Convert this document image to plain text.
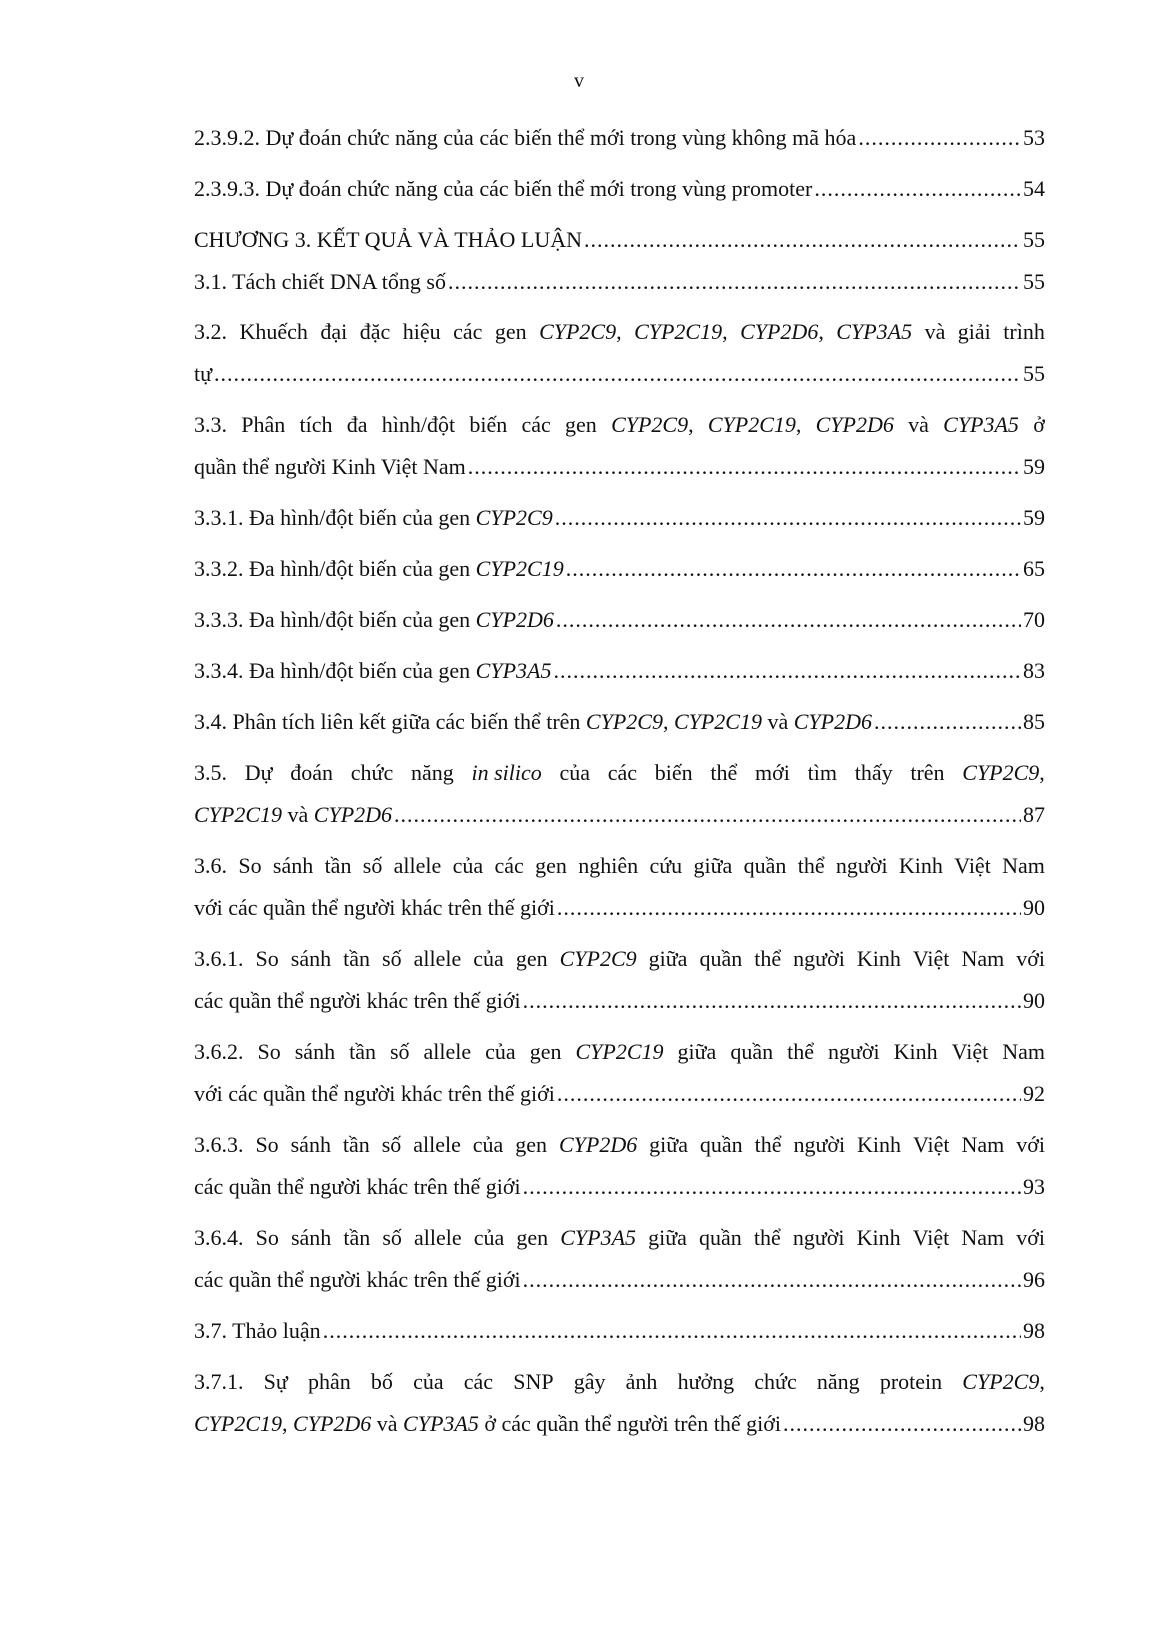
v
2.3.9.2. Dự đoán chức năng của các biến thể mới trong vùng không mã hóa .....	53
2.3.9.3. Dự đoán chức năng của các biến thể mới trong vùng promoter .....	54
CHƯƠNG 3. KẾT QUẢ VÀ THẢO LUẬN .....	55
3.1. Tách chiết DNA tổng số .....	55
3.2. Khuếch đại đặc hiệu các gen CYP2C9, CYP2C19, CYP2D6, CYP3A5 và giải trình
tự .....	55
3.3. Phân tích đa hình/đột biến các gen CYP2C9, CYP2C19, CYP2D6 và CYP3A5 ở
quần thể người Kinh Việt Nam .....	59
3.3.1. Đa hình/đột biến của gen CYP2C9 .....	59
3.3.2. Đa hình/đột biến của gen CYP2C19 .....	65
3.3.3. Đa hình/đột biến của gen CYP2D6 .....	70
3.3.4. Đa hình/đột biến của gen CYP3A5 .....	83
3.4. Phân tích liên kết giữa các biến thể trên CYP2C9, CYP2C19 và CYP2D6 .....	85
3.5. Dự đoán chức năng in silico của các biến thể mới tìm thấy trên CYP2C9,
CYP2C19 và CYP2D6 .....	87
3.6. So sánh tần số allele của các gen nghiên cứu giữa quần thể người Kinh Việt Nam
với các quần thể người khác trên thế giới .....	90
3.6.1. So sánh tần số allele của gen CYP2C9 giữa quần thể người Kinh Việt Nam với
các quần thể người khác trên thế giới .....	90
3.6.2. So sánh tần số allele của gen CYP2C19 giữa quần thể người Kinh Việt Nam
với các quần thể người khác trên thế giới .....	92
3.6.3. So sánh tần số allele của gen CYP2D6 giữa quần thể người Kinh Việt Nam với
các quần thể người khác trên thế giới .....	93
3.6.4. So sánh tần số allele của gen CYP3A5 giữa quần thể người Kinh Việt Nam với
các quần thể người khác trên thế giới .....	96
3.7. Thảo luận .....	98
3.7.1. Sự phân bố của các SNP gây ảnh hưởng chức năng protein CYP2C9,
CYP2C19, CYP2D6 và CYP3A5 ở các quần thể người trên thế giới .....	98
